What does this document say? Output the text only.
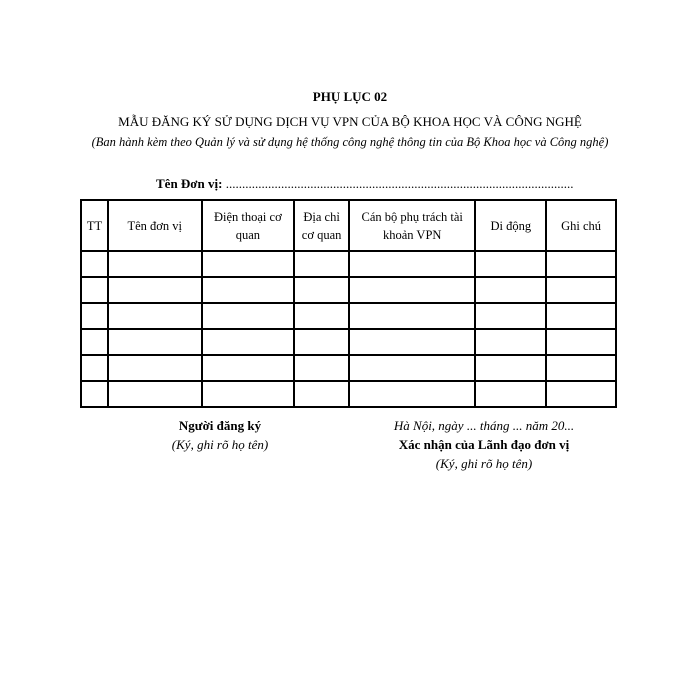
PHỤ LỤC 02
MẪU ĐĂNG KÝ SỬ DỤNG DỊCH VỤ VPN CỦA BỘ KHOA HỌC VÀ CÔNG NGHỆ
(Ban hành kèm theo Quản lý và sử dụng hệ thống công nghệ thông tin của Bộ Khoa học và Công nghệ)
Tên Đơn vị: ...........................................................................................................
TT	Tên đơn vị	Điện thoại cơ quan	Địa chỉ cơ quan	Cán bộ phụ trách tài khoản VPN	Di động	Ghi chú

Người đăng ký
(Ký, ghi rõ họ tên)
Hà Nội, ngày ... tháng ... năm 20...
Xác nhận của Lãnh đạo đơn vị
(Ký, ghi rõ họ tên)
